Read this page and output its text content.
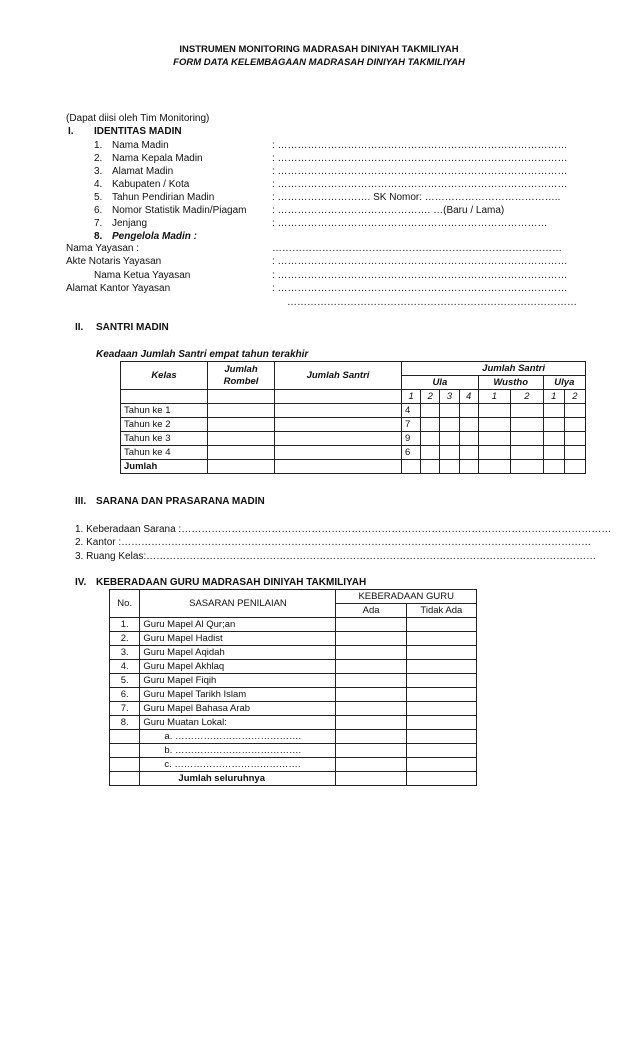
INSTRUMEN MONITORING MADRASAH DINIYAH TAKMILIYAH
FORM DATA KELEMBAGAAN MADRASAH DINIYAH TAKMILIYAH
(Dapat diisi oleh Tim Monitoring)
I. IDENTITAS MADIN
1. Nama Madin	: ……………………………………………………………………………
2. Nama Kepala Madin	: ……………………………………………………………………………
3. Alamat Madin	: ……………………………………………………………………………
4. Kabupaten / Kota	: ……………………………………………………………………………
5. Tahun Pendirian Madin	: ………………………. SK Nomor: …………………………………..
6. Nomor Statistik Madin/Piagam	: ………………………………………. …(Baru / Lama)
7. Jenjang	: ………………………………………………………………………
8. Pengelola Madin :
Nama Yayasan :	……………………………………………………………………………
Akte Notaris Yayasan	: ……………………………………………………………………………
Nama Ketua Yayasan	: ……………………………………………………………………………
Alamat Kantor Yayasan	: ……………………………………………………………………………
……………………………………………………………………………
II. SANTRI MADIN
Keadaan Jumlah Santri empat tahun terakhir
Kelas	Jumlah Rombel	Jumlah Santri	Jumlah Santri							
			Ula				Wustho		Ulya	
			1	2	3	4	1	2	1	2
Tahun ke 1			4							
Tahun ke 2			7							
Tahun ke 3			9							
Tahun ke 4			6							
Jumlah										
III. SARANA DAN PRASARANA MADIN
1. Keberadaan Sarana :…………………………………………………………………………………………………………………
2. Kantor :……………………………………………………………………………………………………………………………
3. Ruang Kelas:………………………………………………………………………………………………………………………
IV. KEBERADAAN GURU MADRASAH DINIYAH TAKMILIYAH
No.	SASARAN PENILAIAN	KEBERADAAN GURU	
		Ada	Tidak Ada
1.	Guru Mapel Al Qur;an		
2.	Guru Mapel Hadist		
3.	Guru Mapel Aqidah		
4.	Guru Mapel Akhlaq		
5.	Guru Mapel Fiqih		
6.	Guru Mapel Tarikh Islam		
7.	Guru Mapel Bahasa Arab		
8.	Guru Muatan Lokal:		
	a. ………………………………….		
	b. ………………………………….		
	c. ………………………………….		
	Jumlah seluruhnya		
